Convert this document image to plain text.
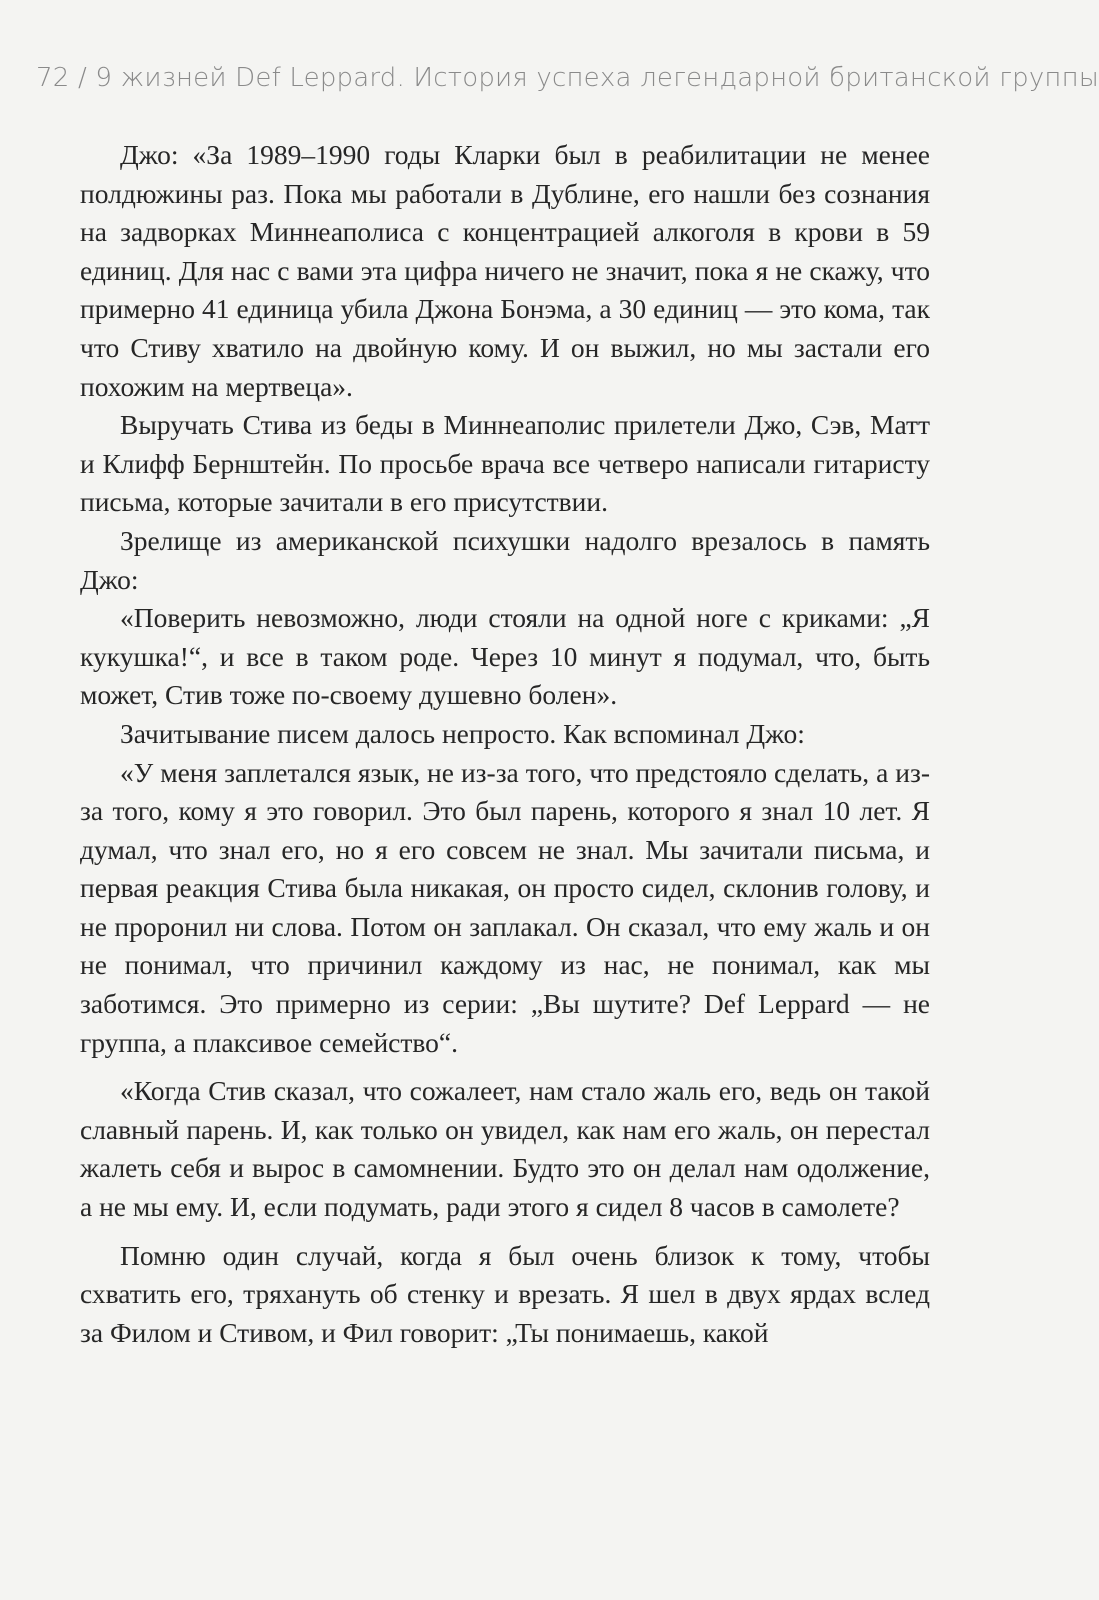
72 / 9 жизней Def Leppard. История успеха легендарной британской группы

Джо: «За 1989–1990 годы Кларки был в реабилитации не менее полдюжины раз. Пока мы работали в Дублине, его нашли без сознания на задворках Миннеаполиса с концентрацией алкоголя в крови в 59 единиц. Для нас с вами эта цифра ничего не значит, пока я не скажу, что примерно 41 единица убила Джона Бонэма, а 30 единиц — это кома, так что Стиву хватило на двойную кому. И он выжил, но мы застали его похожим на мертвеца».

Выручать Стива из беды в Миннеаполис прилетели Джо, Сэв, Матт и Клифф Бернштейн. По просьбе врача все четверо написали гитаристу письма, которые зачитали в его присутствии.

Зрелище из американской психушки надолго врезалось в память Джо:

«Поверить невозможно, люди стояли на одной ноге с криками: „Я кукушка!“, и все в таком роде. Через 10 минут я подумал, что, быть может, Стив тоже по-своему душевно болен».

Зачитывание писем далось непросто. Как вспоминал Джо:

«У меня заплетался язык, не из-за того, что предстояло сделать, а из-за того, кому я это говорил. Это был парень, которого я знал 10 лет. Я думал, что знал его, но я его совсем не знал. Мы зачитали письма, и первая реакция Стива была никакая, он просто сидел, склонив голову, и не проронил ни слова. Потом он заплакал. Он сказал, что ему жаль и он не понимал, что причинил каждому из нас, не понимал, как мы заботимся. Это примерно из серии: „Вы шутите? Def Leppard — не группа, а плаксивое семейство“.

«Когда Стив сказал, что сожалеет, нам стало жаль его, ведь он такой славный парень. И, как только он увидел, как нам его жаль, он перестал жалеть себя и вырос в самомнении. Будто это он делал нам одолжение, а не мы ему. И, если подумать, ради этого я сидел 8 часов в самолете?

Помню один случай, когда я был очень близок к тому, чтобы схватить его, тряхануть об стенку и врезать. Я шел в двух ярдах вслед за Филом и Стивом, и Фил говорит: „Ты понимаешь, какой
